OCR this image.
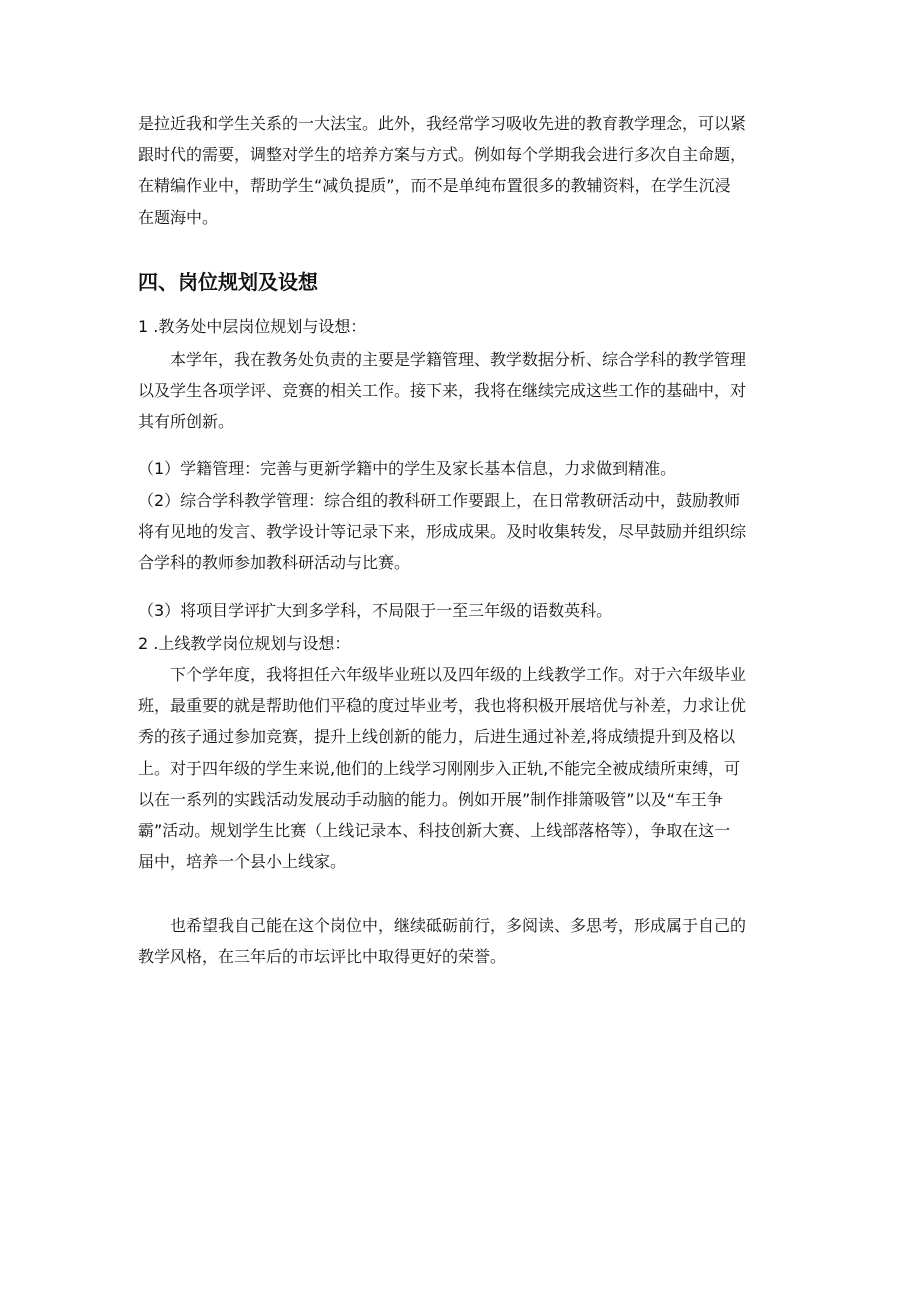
是拉近我和学生关系的一大法宝。此外，我经常学习吸收先进的教育教学理念，可以紧
跟时代的需要，调整对学生的培养方案与方式。例如每个学期我会进行多次自主命题，
在精编作业中，帮助学生“减负提质”，而不是单纯布置很多的教辅资料，在学生沉浸
在题海中。
四、岗位规划及设想
1 .教务处中层岗位规划与设想：
本学年，我在教务处负责的主要是学籍管理、教学数据分析、综合学科的教学管理
以及学生各项学评、竞赛的相关工作。接下来，我将在继续完成这些工作的基础中，对
其有所创新。
（1）学籍管理：完善与更新学籍中的学生及家长基本信息，力求做到精准。
（2）综合学科教学管理：综合组的教科研工作要跟上，在日常教研活动中，鼓励教师
将有见地的发言、教学设计等记录下来，形成成果。及时收集转发，尽早鼓励并组织综
合学科的教师参加教科研活动与比赛。
（3）将项目学评扩大到多学科，不局限于一至三年级的语数英科。
2 .上线教学岗位规划与设想：
下个学年度，我将担任六年级毕业班以及四年级的上线教学工作。对于六年级毕业
班，最重要的就是帮助他们平稳的度过毕业考，我也将积极开展培优与补差，力求让优
秀的孩子通过参加竞赛，提升上线创新的能力，后进生通过补差,将成绩提升到及格以
上。对于四年级的学生来说,他们的上线学习刚刚步入正轨,不能完全被成绩所束缚，可
以在一系列的实践活动发展动手动脑的能力。例如开展”制作排箫吸管”以及“车王争
霸”活动。规划学生比赛（上线记录本、科技创新大赛、上线部落格等），争取在这一
届中，培养一个县小上线家。
也希望我自己能在这个岗位中，继续砥砺前行，多阅读、多思考，形成属于自己的
教学风格，在三年后的市坛评比中取得更好的荣誉。
